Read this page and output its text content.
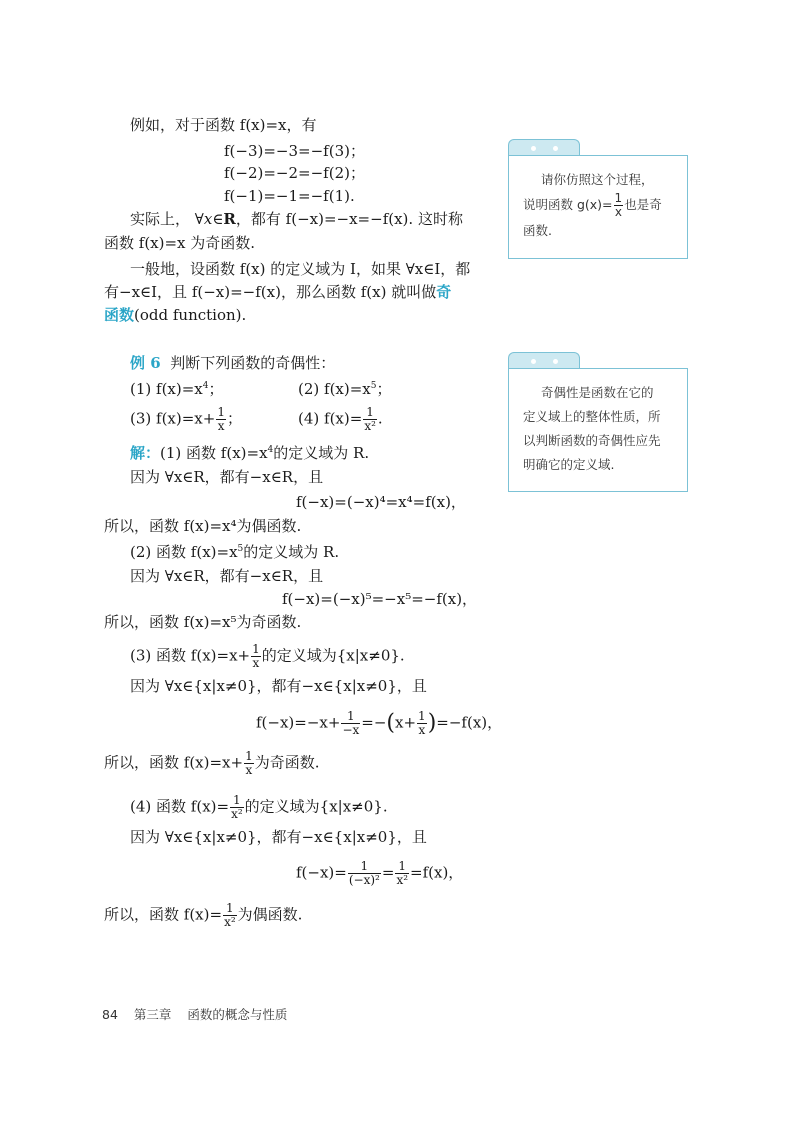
例如，对于函数 f(x)=x，有
f(−3)=−3=−f(3)；
f(−2)=−2=−f(2)；
f(−1)=−1=−f(1).
实际上， ∀x∈R，都有 f(−x)=−x=−f(x). 这时称
函数 f(x)=x 为奇函数.
一般地，设函数 f(x) 的定义域为 I，如果 ∀x∈I，都
有−x∈I，且 f(−x)=−f(x)，那么函数 f(x) 就叫做奇
函数(odd function).
请你仿照这个过程，
说明函数 $g(x)= \frac{1}{x}$ 也是奇
函数.
奇偶性是函数在它的
定义域上的整体性质，所
以判断函数的奇偶性应先
明确它的定义域.
例 6 判断下列函数的奇偶性：
(1) $f(x)=x^4$；	(2) $f(x)=x^5$；
(3) $f(x)=x+ \frac{1}{x}$ ；	(4) $f(x)= \frac{1}{\text{x²}}$ .
解：(1) 函数 $f(x)=x^4$的定义域为 R.
因为 ∀x∈R，都有−x∈R，且
f(−x)=(−x)⁴=x⁴=f(x)，
所以，函数 f(x)=x⁴为偶函数.
(2) 函数 $f(x)=x^5$的定义域为 R.
因为 ∀x∈R，都有−x∈R，且
f(−x)=(−x)⁵=−x⁵=−f(x)，
所以，函数 f(x)=x⁵为奇函数.
(3) 函数 $f(x)=x+ \frac{1}{x}$ 的定义域为{x|x≠0}.
因为 ∀x∈{x|x≠0}，都有−x∈{x|x≠0}，且
$f(-x)=-x+ \frac{1}{-x} =-(x+ \frac{1}{x} )=-f(x)$，
所以，函数 $f(x)=x+ \frac{1}{x}$ 为奇函数.
(4) 函数 $f(x)= \frac{1}{\text{x²}}$ 的定义域为{x|x≠0}.
因为 ∀x∈{x|x≠0}，都有−x∈{x|x≠0}，且
$f(-x)= \frac{1}{\text{(−x)²}} = \frac{1}{\text{x²}} =f(x)$，
所以，函数 $f(x)= \frac{1}{\text{x²}}$ 为偶函数.
84 第三章 函数的概念与性质
